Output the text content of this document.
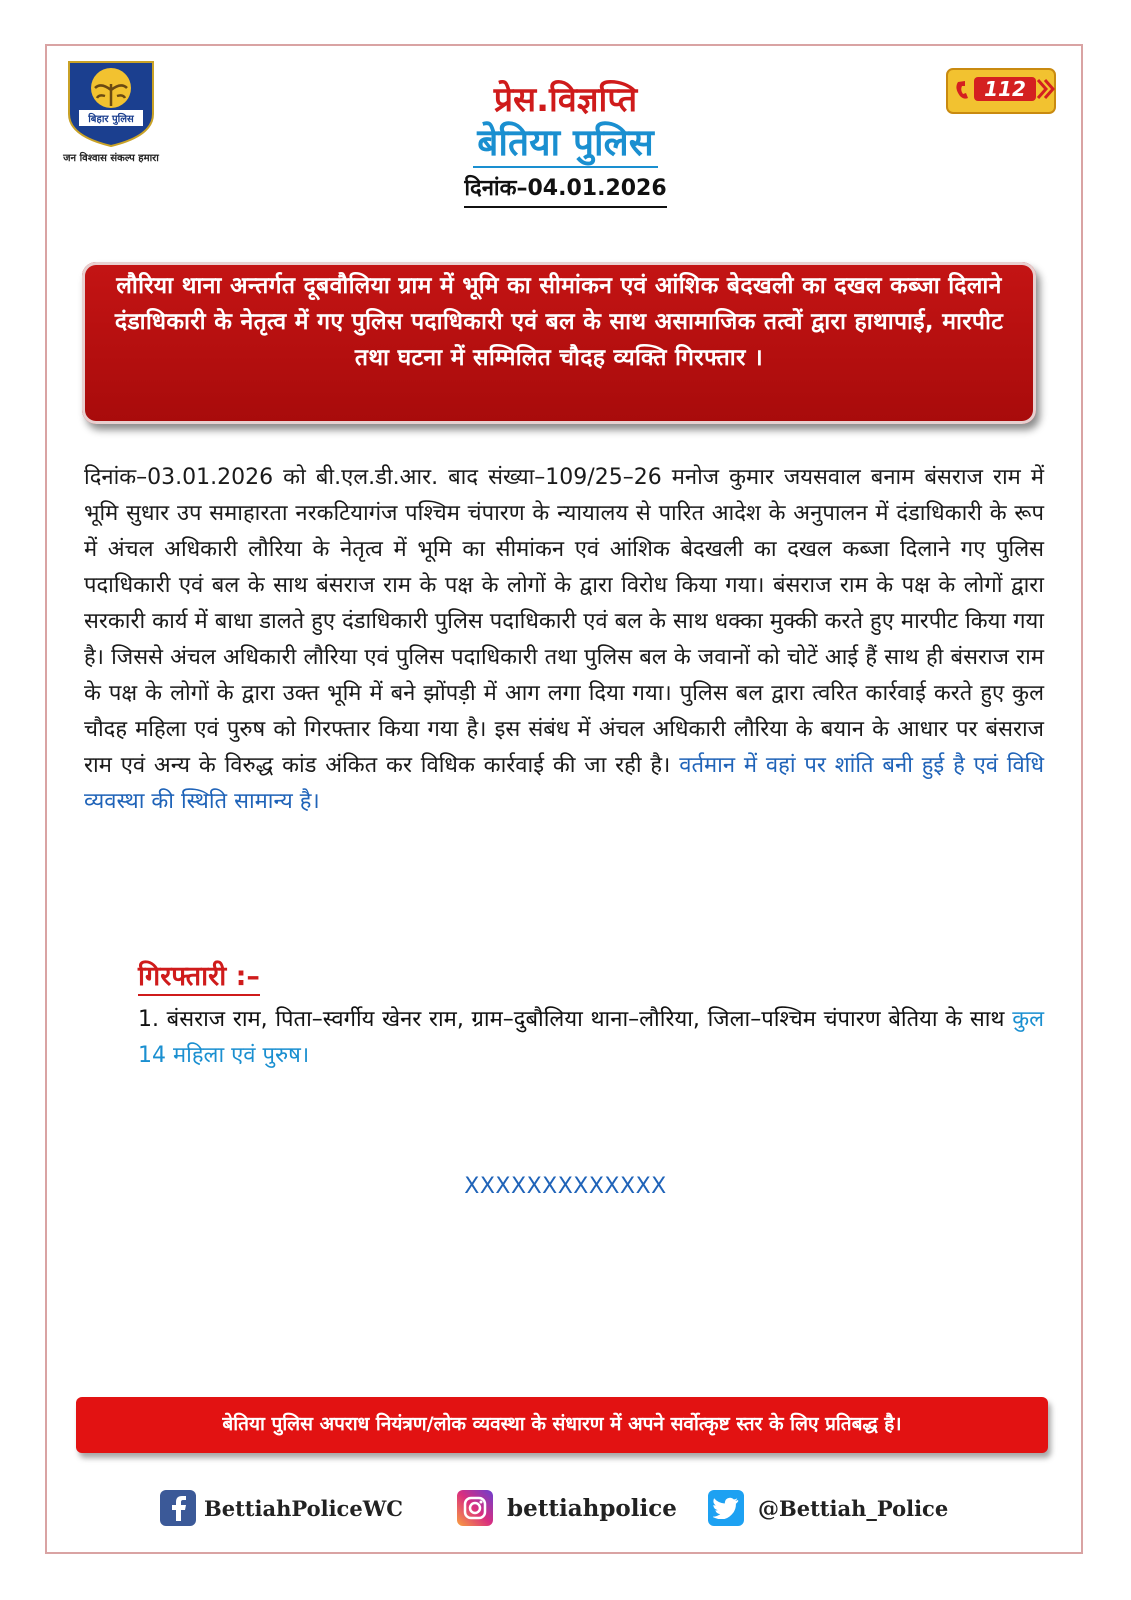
बिहार पुलिस
जन विश्वास संकल्प हमारा
112
प्रेस.विज्ञप्ति
बेतिया पुलिस
दिनांक–04.01.2026
लौरिया थाना अन्तर्गत दूबवौलिया ग्राम में भूमि का सीमांकन एवं आंशिक बेदखली का दखल कब्जा दिलाने दंडाधिकारी के नेतृत्व में गए पुलिस पदाधिकारी एवं बल के साथ असामाजिक तत्वों द्वारा हाथापाई, मारपीट तथा घटना में सम्मिलित चौदह व्यक्ति गिरफ्तार ।
दिनांक–03.01.2026 को बी.एल.डी.आर. बाद संख्या–109/25–26 मनोज कुमार जयसवाल बनाम बंसराज राम में भूमि सुधार उप समाहारता नरकटियागंज पश्चिम चंपारण के न्यायालय से पारित आदेश के अनुपालन में दंडाधिकारी के रूप में अंचल अधिकारी लौरिया के नेतृत्व में भूमि का सीमांकन एवं आंशिक बेदखली का दखल कब्जा दिलाने गए पुलिस पदाधिकारी एवं बल के साथ बंसराज राम के पक्ष के लोगों के द्वारा विरोध किया गया। बंसराज राम के पक्ष के लोगों द्वारा सरकारी कार्य में बाधा डालते हुए दंडाधिकारी पुलिस पदाधिकारी एवं बल के साथ धक्का मुक्की करते हुए मारपीट किया गया है। जिससे अंचल अधिकारी लौरिया एवं पुलिस पदाधिकारी तथा पुलिस बल के जवानों को चोटें आई हैं साथ ही बंसराज राम के पक्ष के लोगों के द्वारा उक्त भूमि में बने झोंपड़ी में आग लगा दिया गया। पुलिस बल द्वारा त्वरित कार्रवाई करते हुए कुल चौदह महिला एवं पुरुष को गिरफ्तार किया गया है। इस संबंध में अंचल अधिकारी लौरिया के बयान के आधार पर बंसराज राम एवं अन्य के विरुद्ध कांड अंकित कर विधिक कार्रवाई की जा रही है। वर्तमान में वहां पर शांति बनी हुई है एवं विधि व्यवस्था की स्थिति सामान्य है।
गिरफ्तारी :–
1. बंसराज राम, पिता–स्वर्गीय खेनर राम, ग्राम–दुबौलिया थाना–लौरिया, जिला–पश्चिम चंपारण बेतिया के साथ कुल 14 महिला एवं पुरुष।
XXXXXXXXXXXXX
बेतिया पुलिस अपराध नियंत्रण/लोक व्यवस्था के संधारण में अपने सर्वोत्कृष्ट स्तर के लिए प्रतिबद्ध है।
BettiahPoliceWC	bettiahpolice	@Bettiah_Police
